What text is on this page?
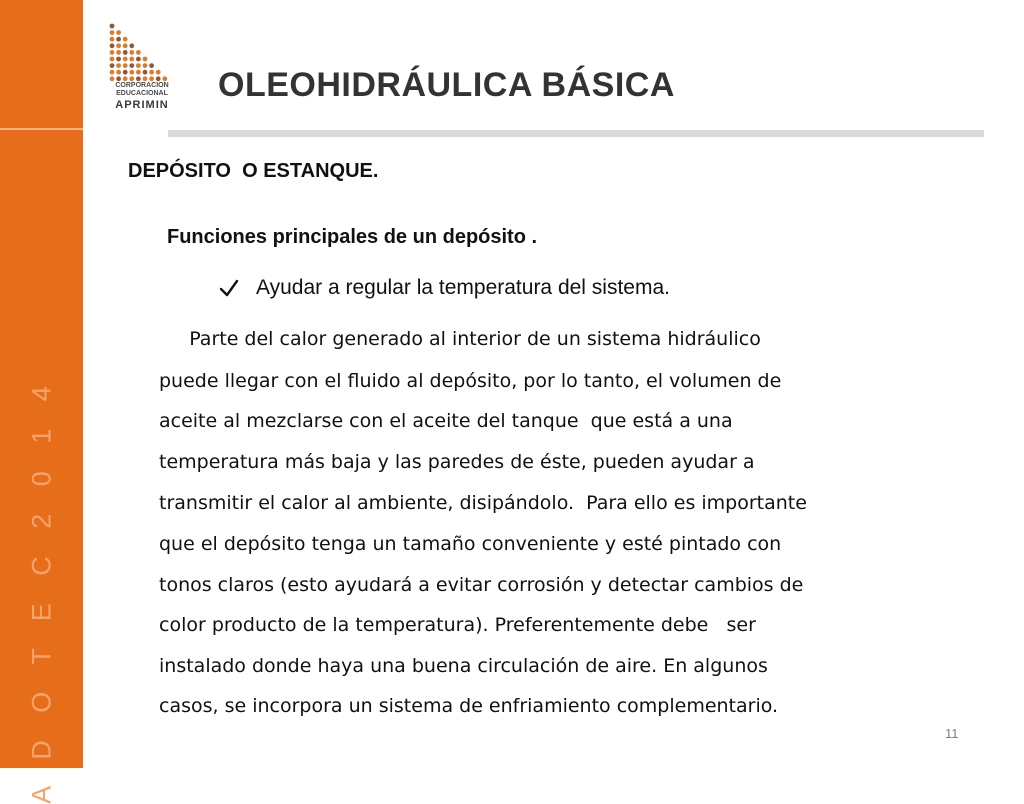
A D O T E C 2 0 1 4
CORPORACION
EDUCACIONAL
APRIMIN
OLEOHIDRÁULICA BÁSICA
DEPÓSITO  O ESTANQUE.
Funciones principales de un depósito .
Ayudar a regular la temperatura del sistema.

Parte del calor generado al interior de un sistema hidráulico

puede llegar con el fluido al depósito, por lo tanto, el volumen de

aceite al mezclarse con el aceite del tanque  que está a una

temperatura más baja y las paredes de éste, pueden ayudar a

transmitir el calor al ambiente, disipándolo.  Para ello es importante

que el depósito tenga un tamaño conveniente y esté pintado con

tonos claros (esto ayudará a evitar corrosión y detectar cambios de

color producto de la temperatura). Preferentemente debe   ser

instalado donde haya una buena circulación de aire. En algunos

casos, se incorpora un sistema de enfriamiento complementario.

11
